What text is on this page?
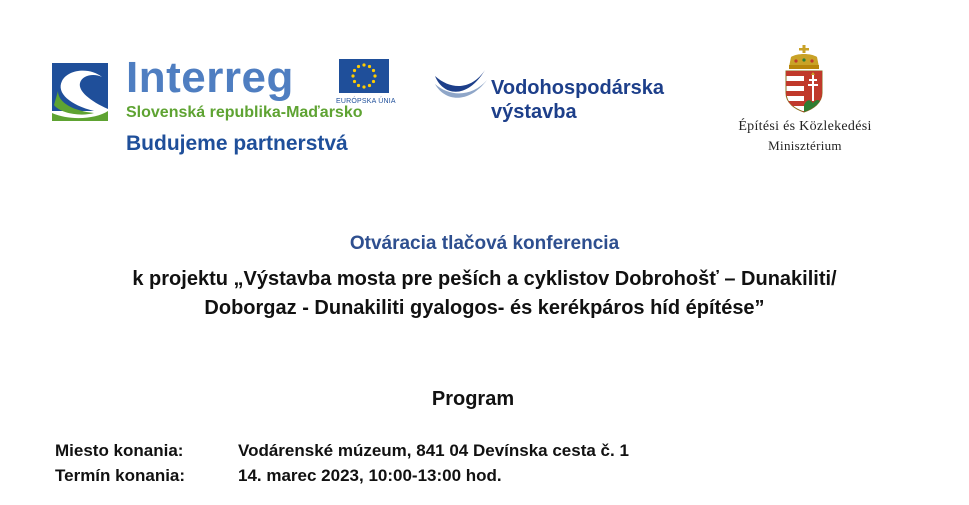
Interreg	EURÓPSKA ÚNIA
Slovenská republika-Maďarsko
Budujeme partnerstvá
Vodohospodárska
výstavba
Építési és Közlekedési
Minisztérium
Otváracia tlačová konferencia
k projektu „Výstavba mosta pre peších a cyklistov Dobrohošť – Dunakiliti/
Doborgaz - Dunakiliti gyalogos- és kerékpáros híd építése”
Program
Miesto konania:	Vodárenské múzeum, 841 04 Devínska cesta č. 1
Termín konania:	14. marec 2023, 10:00-13:00 hod.
